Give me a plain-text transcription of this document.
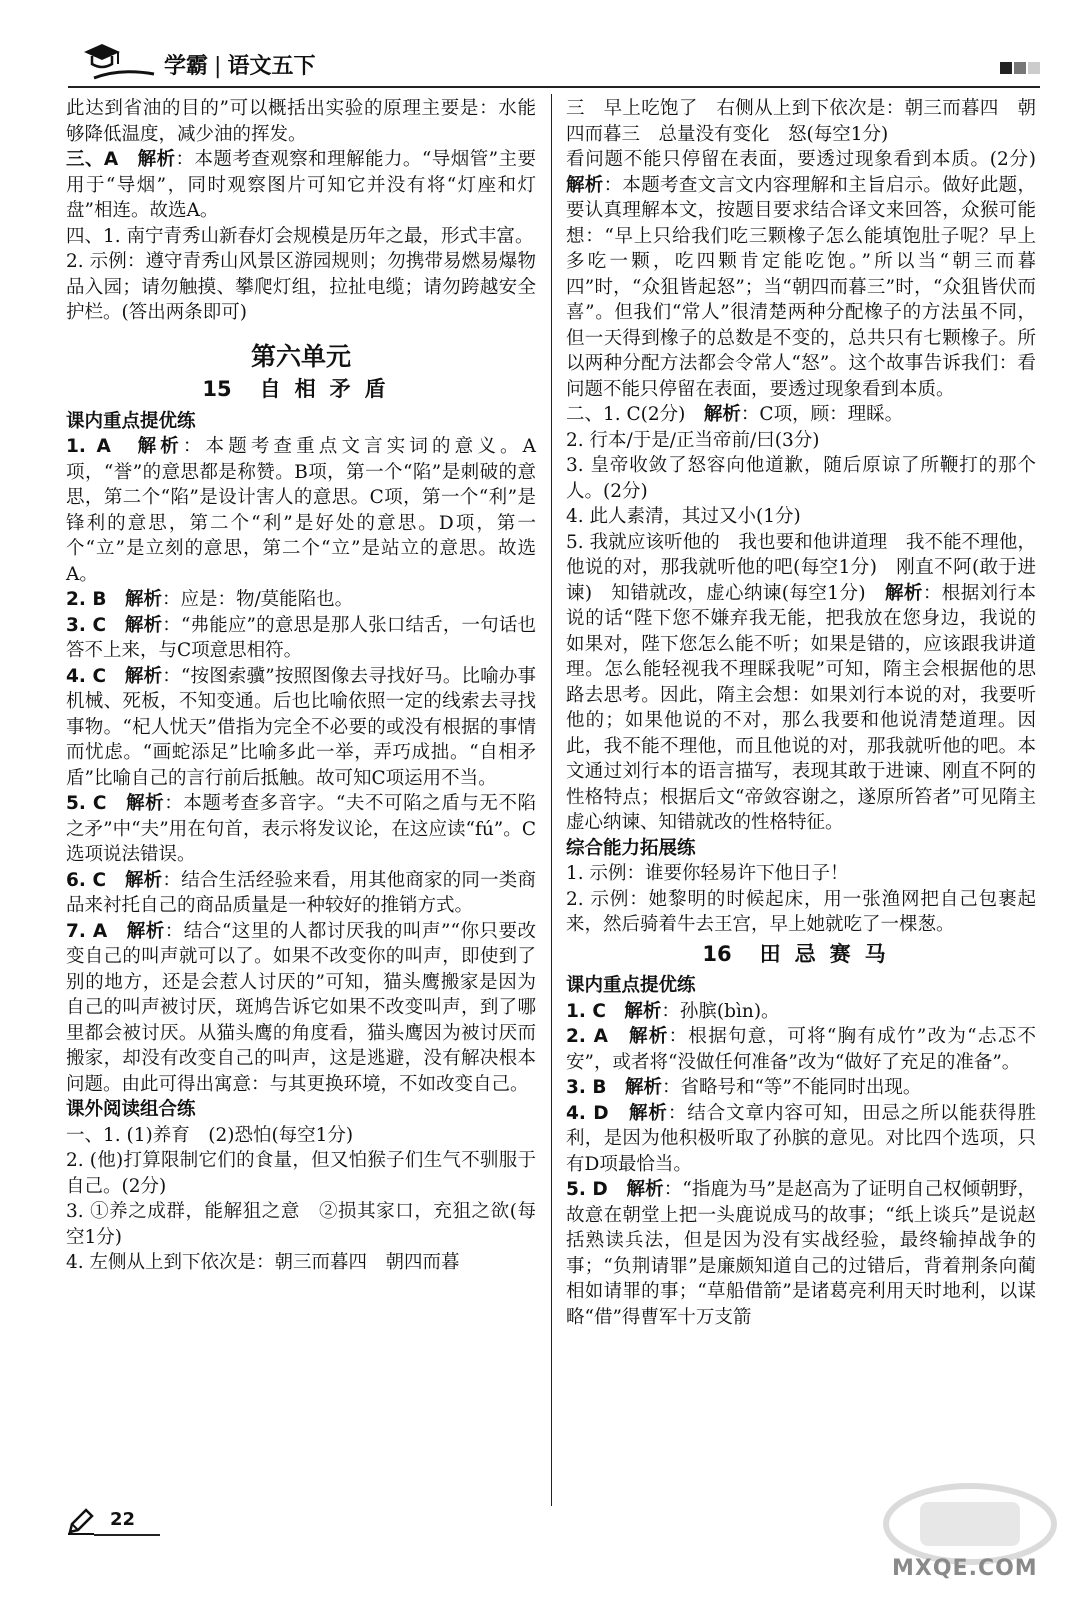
学霸 | 语文五下

此达到省油的目的”可以概括出实验的原理主要是：水能够降低温度，减少油的挥发。

三、A　解析：本题考查观察和理解能力。“导烟管”主要用于“导烟”，同时观察图片可知它并没有将“灯座和灯盘”相连。故选A。

四、1. 南宁青秀山新春灯会规模是历年之最，形式丰富。

2. 示例：遵守青秀山风景区游园规则；勿携带易燃易爆物品入园；请勿触摸、攀爬灯组，拉扯电缆；请勿跨越安全护栏。(答出两条即可)

第六单元
15 自相矛盾

课内重点提优练

1. A　解析：本题考查重点文言实词的意义。A项，“誉”的意思都是称赞。B项，第一个“陷”是刺破的意思，第二个“陷”是设计害人的意思。C项，第一个“利”是锋利的意思，第二个“利”是好处的意思。D项，第一个“立”是立刻的意思，第二个“立”是站立的意思。故选A。

2. B　解析：应是：物/莫能陷也。

3. C　解析：“弗能应”的意思是那人张口结舌，一句话也答不上来，与C项意思相符。

4. C　解析：“按图索骥”按照图像去寻找好马。比喻办事机械、死板，不知变通。后也比喻依照一定的线索去寻找事物。“杞人忧天”借指为完全不必要的或没有根据的事情而忧虑。“画蛇添足”比喻多此一举，弄巧成拙。“自相矛盾”比喻自己的言行前后抵触。故可知C项运用不当。

5. C　解析：本题考查多音字。“夫不可陷之盾与无不陷之矛”中“夫”用在句首，表示将发议论，在这应读“fú”。C选项说法错误。

6. C　解析：结合生活经验来看，用其他商家的同一类商品来衬托自己的商品质量是一种较好的推销方式。

7. A　解析：结合“这里的人都讨厌我的叫声”“你只要改变自己的叫声就可以了。如果不改变你的叫声，即使到了别的地方，还是会惹人讨厌的”可知，猫头鹰搬家是因为自己的叫声被讨厌，斑鸠告诉它如果不改变叫声，到了哪里都会被讨厌。从猫头鹰的角度看，猫头鹰因为被讨厌而搬家，却没有改变自己的叫声，这是逃避，没有解决根本问题。由此可得出寓意：与其更换环境，不如改变自己。

课外阅读组合练

一、1. (1)养育　(2)恐怕(每空1分)

2. (他)打算限制它们的食量，但又怕猴子们生气不驯服于自己。(2分)

3. ①养之成群，能解狙之意　②损其家口，充狙之欲(每空1分)

4. 左侧从上到下依次是：朝三而暮四　朝四而暮

三　早上吃饱了　右侧从上到下依次是：朝三而暮四　朝四而暮三　总量没有变化　怒(每空1分)

看问题不能只停留在表面，要透过现象看到本质。(2分)　解析：本题考查文言文内容理解和主旨启示。做好此题，要认真理解本文，按题目要求结合译文来回答，众猴可能想：“早上只给我们吃三颗橡子怎么能填饱肚子呢？早上多吃一颗，吃四颗肯定能吃饱。”所以当“朝三而暮四”时，“众狙皆起怒”；当“朝四而暮三”时，“众狙皆伏而喜”。但我们“常人”很清楚两种分配橡子的方法虽不同，但一天得到橡子的总数是不变的，总共只有七颗橡子。所以两种分配方法都会令常人“怒”。这个故事告诉我们：看问题不能只停留在表面，要透过现象看到本质。

二、1. C(2分)　解析：C项，顾：理睬。

2. 行本/于是/正当帝前/曰(3分)

3. 皇帝收敛了怒容向他道歉，随后原谅了所鞭打的那个人。(2分)

4. 此人素清，其过又小(1分)

5. 我就应该听他的　我也要和他讲道理　我不能不理他，他说的对，那我就听他的吧(每空1分)　刚直不阿(敢于进谏)　知错就改，虚心纳谏(每空1分)　解析：根据刘行本说的话“陛下您不嫌弃我无能，把我放在您身边，我说的如果对，陛下您怎么能不听；如果是错的，应该跟我讲道理。怎么能轻视我不理睬我呢”可知，隋主会根据他的思路去思考。因此，隋主会想：如果刘行本说的对，我要听他的；如果他说的不对，那么我要和他说清楚道理。因此，我不能不理他，而且他说的对，那我就听他的吧。本文通过刘行本的语言描写，表现其敢于进谏、刚直不阿的性格特点；根据后文“帝敛容谢之，遂原所笞者”可见隋主虚心纳谏、知错就改的性格特征。

综合能力拓展练

1. 示例：谁要你轻易许下他日子！

2. 示例：她黎明的时候起床，用一张渔网把自己包裹起来，然后骑着牛去王宫，早上她就吃了一棵葱。

16 田忌赛马

课内重点提优练

1. C　解析：孙膑(bìn)。

2. A　解析：根据句意，可将“胸有成竹”改为“忐忑不安”，或者将“没做任何准备”改为“做好了充足的准备”。

3. B　解析：省略号和“等”不能同时出现。

4. D　解析：结合文章内容可知，田忌之所以能获得胜利，是因为他积极听取了孙膑的意见。对比四个选项，只有D项最恰当。

5. D　解析：“指鹿为马”是赵高为了证明自己权倾朝野，故意在朝堂上把一头鹿说成马的故事；“纸上谈兵”是说赵括熟读兵法，但是因为没有实战经验，最终输掉战争的事；“负荆请罪”是廉颇知道自己的过错后，背着荆条向蔺相如请罪的事；“草船借箭”是诸葛亮利用天时地利，以谋略“借”得曹军十万支箭

22
MXQE.COM
